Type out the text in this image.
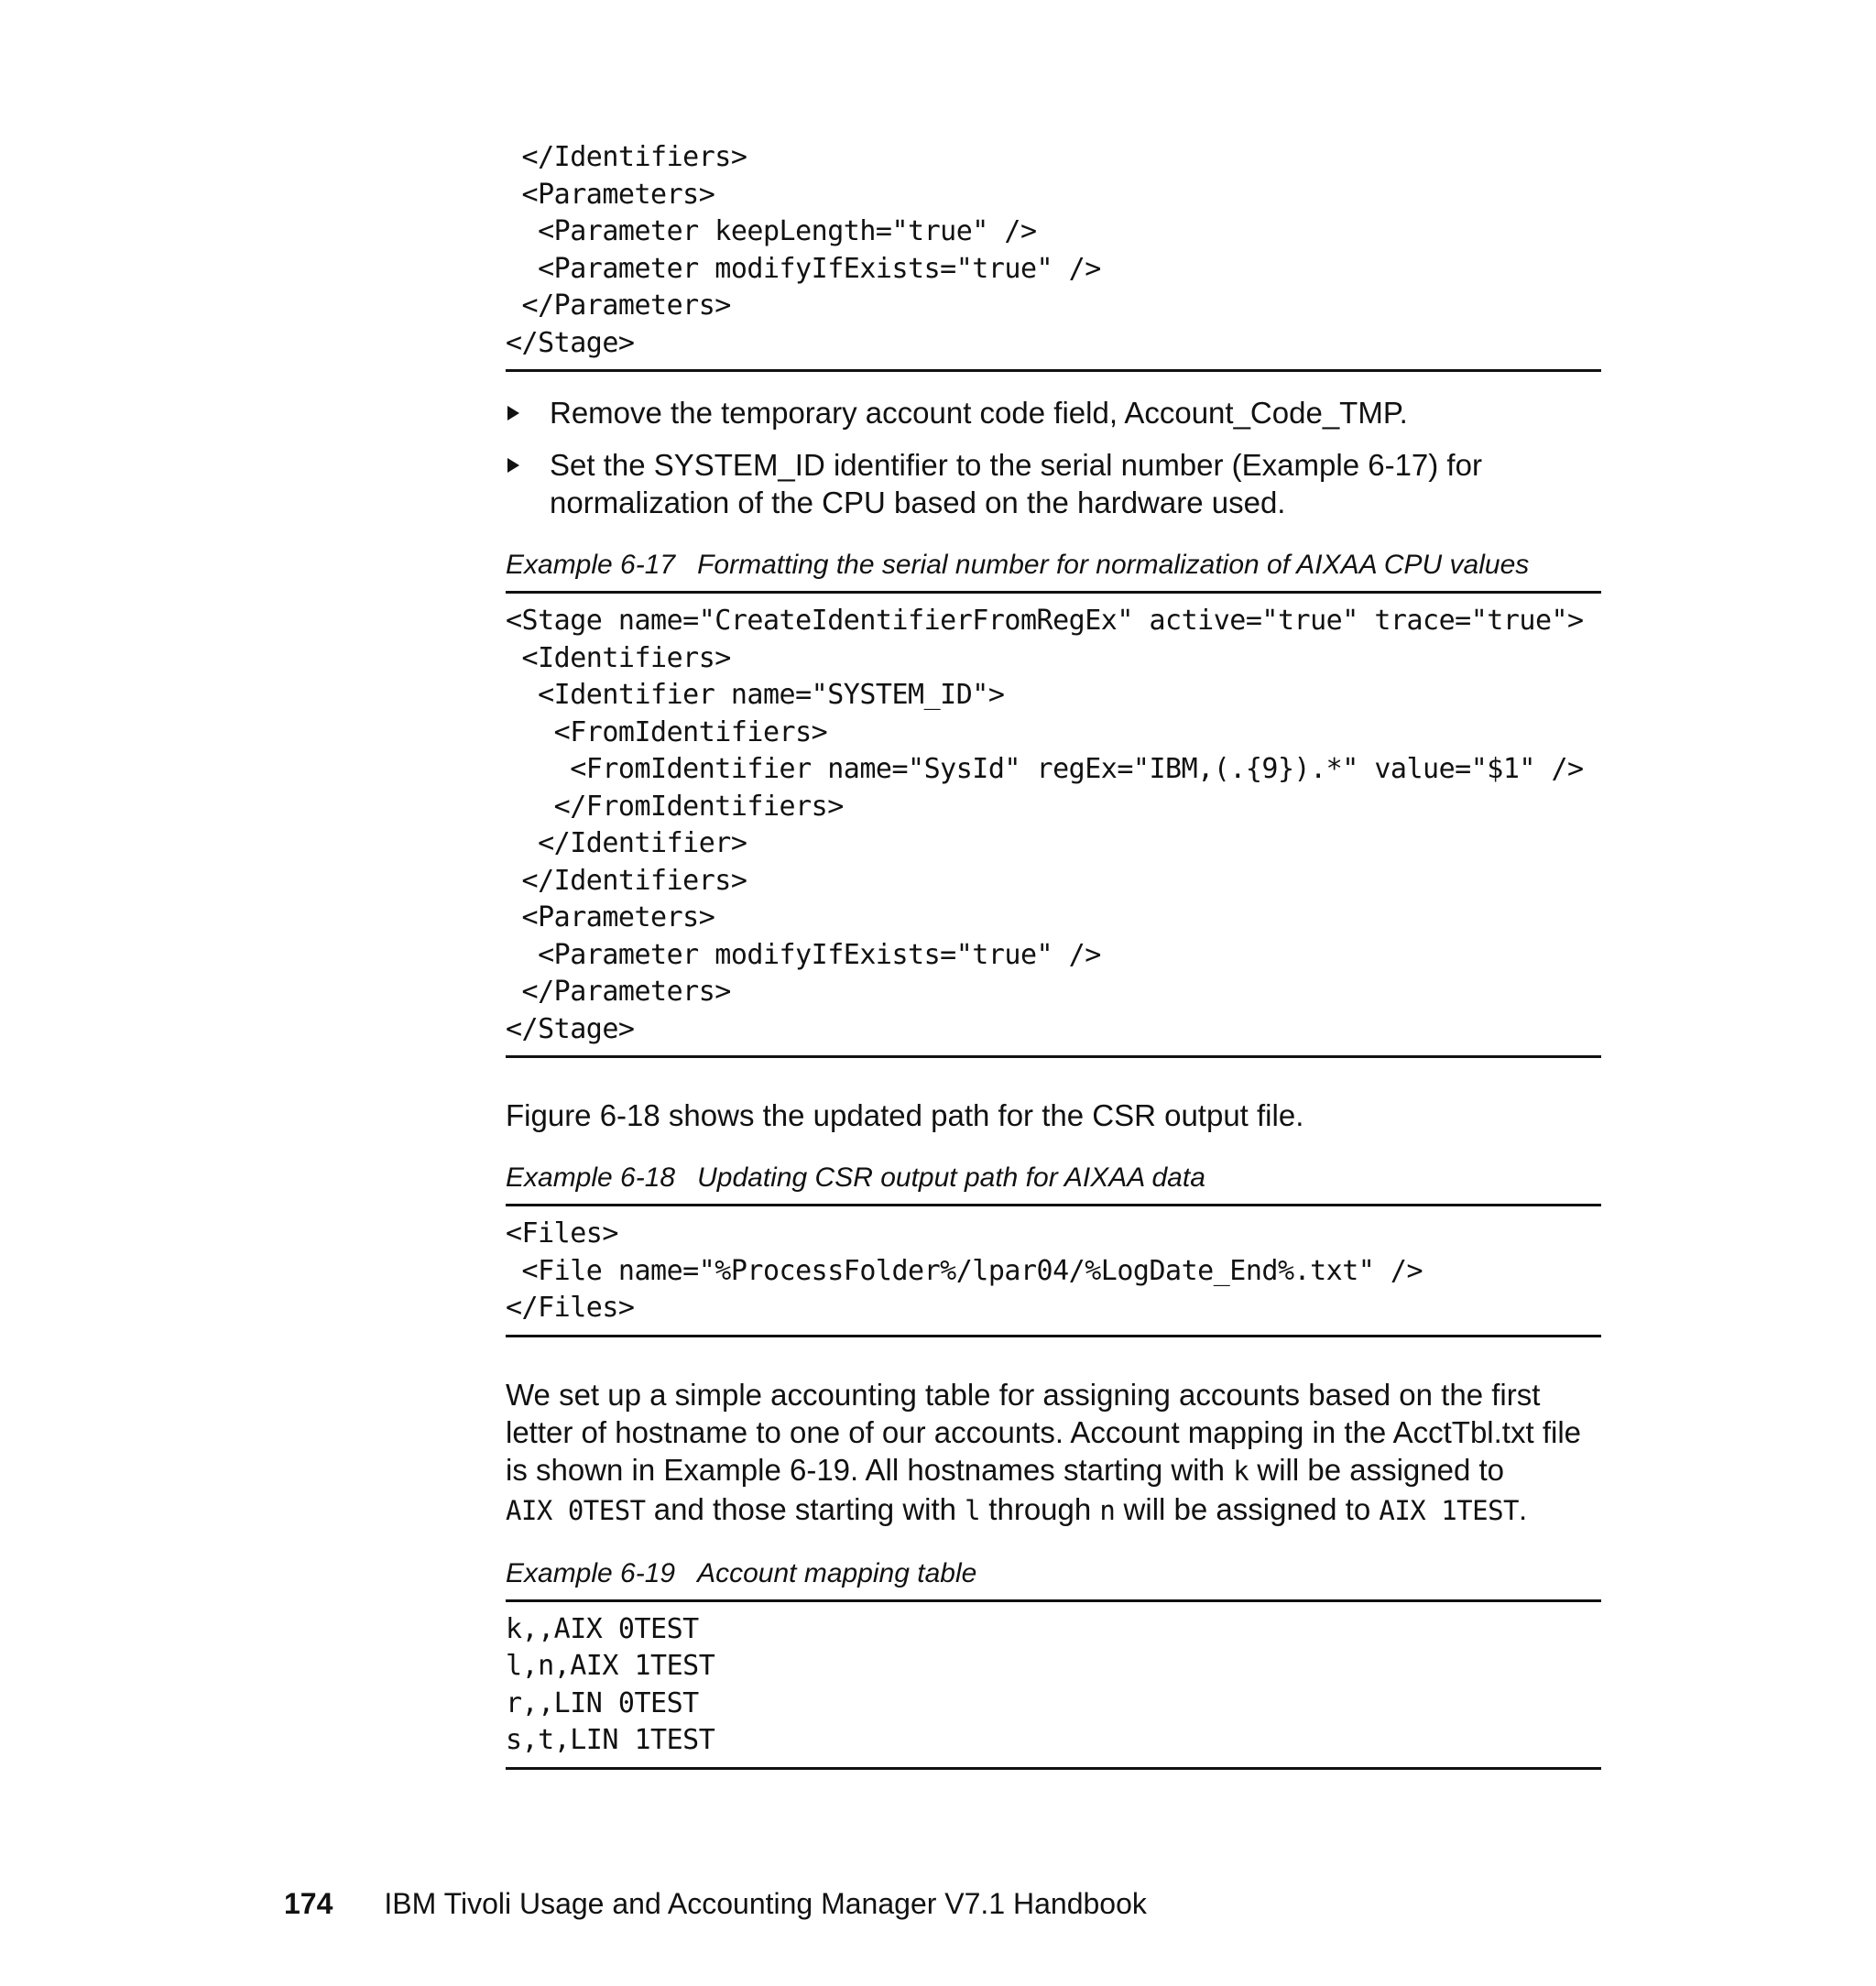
</Identifiers>
<Parameters>
<Parameter keepLength="true" />
<Parameter modifyIfExists="true" />
</Parameters>
</Stage>
Remove the temporary account code field, Account_Code_TMP.
Set the SYSTEM_ID identifier to the serial number (Example 6-17) for normalization of the CPU based on the hardware used.
Example 6-17 Formatting the serial number for normalization of AIXAA CPU values
<Stage name="CreateIdentifierFromRegEx" active="true" trace="true">
<Identifiers>
<Identifier name="SYSTEM_ID">
<FromIdentifiers>
<FromIdentifier name="SysId" regEx="IBM,(.{9}).*" value="$1" />
</FromIdentifiers>
</Identifier>
</Identifiers>
<Parameters>
<Parameter modifyIfExists="true" />
</Parameters>
</Stage>

Figure 6-18 shows the updated path for the CSR output file.

Example 6-18 Updating CSR output path for AIXAA data
<Files>
<File name="%ProcessFolder%/lpar04/%LogDate_End%.txt" />
</Files>

We set up a simple accounting table for assigning accounts based on the first letter of hostname to one of our accounts. Account mapping in the AcctTbl.txt file is shown in Example 6-19. All hostnames starting with k will be assigned to
AIX 0TEST and those starting with l through n will be assigned to AIX 1TEST.

Example 6-19 Account mapping table
k,,AIX 0TEST
l,n,AIX 1TEST
r,,LIN 0TEST
s,t,LIN 1TEST
174 IBM Tivoli Usage and Accounting Manager V7.1 Handbook
